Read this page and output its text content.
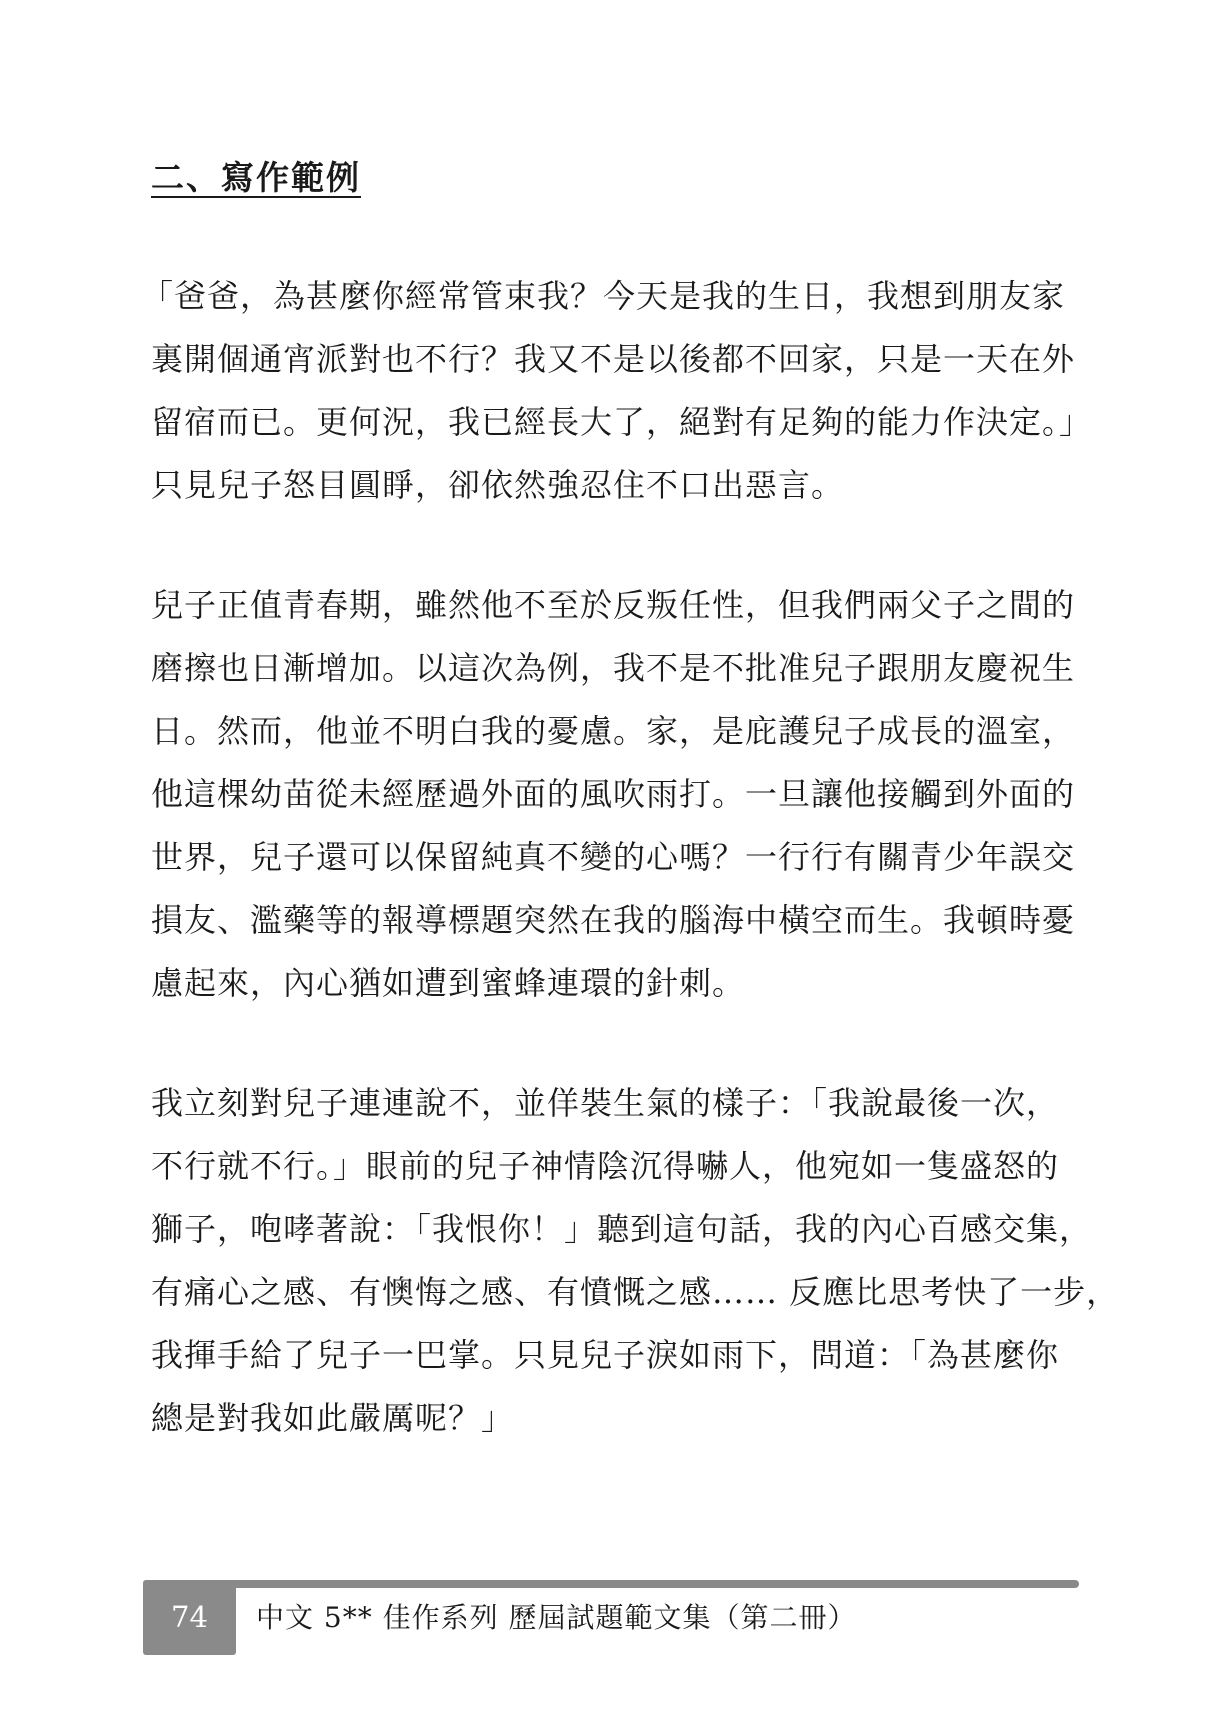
二、寫作範例
「爸爸，為甚麼你經常管束我？今天是我的生日，我想到朋友家
裏開個通宵派對也不行？我又不是以後都不回家，只是一天在外
留宿而已。更何況，我已經長大了，絕對有足夠的能力作決定。」
只見兒子怒目圓睜，卻依然強忍住不口出惡言。
兒子正值青春期，雖然他不至於反叛任性，但我們兩父子之間的
磨擦也日漸增加。以這次為例，我不是不批准兒子跟朋友慶祝生
日。然而，他並不明白我的憂慮。家，是庇護兒子成長的溫室，
他這棵幼苗從未經歷過外面的風吹雨打。一旦讓他接觸到外面的
世界，兒子還可以保留純真不變的心嗎？一行行有關青少年誤交
損友、濫藥等的報導標題突然在我的腦海中橫空而生。我頓時憂
慮起來，內心猶如遭到蜜蜂連環的針刺。
我立刻對兒子連連說不，並佯裝生氣的樣子：「我說最後一次，
不行就不行。」眼前的兒子神情陰沉得嚇人，他宛如一隻盛怒的
獅子，咆哮著說：「我恨你！」聽到這句話，我的內心百感交集，
有痛心之感、有懊悔之感、有憤慨之感…… 反應比思考快了一步，
我揮手給了兒子一巴掌。只見兒子淚如雨下，問道：「為甚麼你
總是對我如此嚴厲呢？」
74	中文 5** 佳作系列 歷屆試題範文集（第二冊）
